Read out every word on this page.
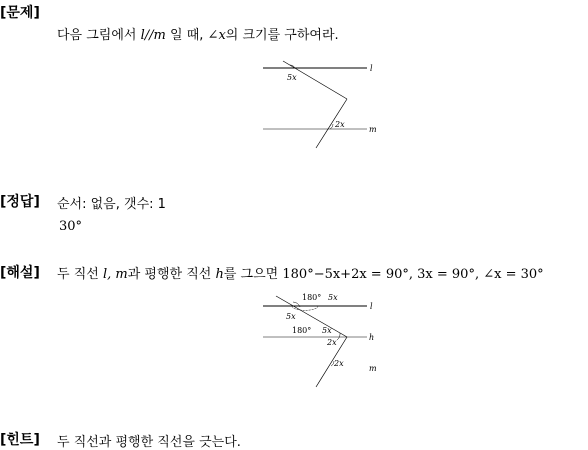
[문제]
다음 그림에서 l//m 일 때, ∠x의 크기를 구하여라.
5x
2x
l
m
[정답] 순서: 없음, 갯수: 1
30°
[해설] 두 직선 l, m과 평행한 직선 h를 그으면 180°−5x+2x = 90°, 3x = 90°, ∠x = 30°
180° 5x
5x
180° 5x
2x
2x
l
h
m
[힌트] 두 직선과 평행한 직선을 긋는다.
